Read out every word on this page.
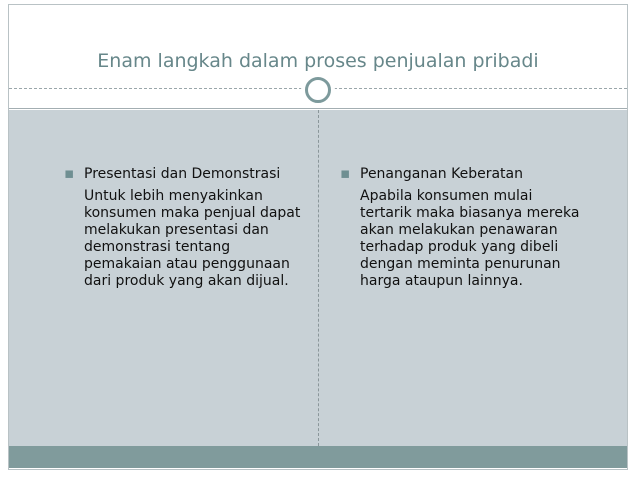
Enam langkah dalam proses penjualan pribadi
▪ Presentasi dan Demonstrasi
Untuk lebih menyakinkan
konsumen maka penjual dapat
melakukan presentasi dan
demonstrasi tentang
pemakaian atau penggunaan
dari produk yang akan dijual.
▪ Penanganan Keberatan
Apabila konsumen mulai
tertarik maka biasanya mereka
akan melakukan penawaran
terhadap produk yang dibeli
dengan meminta penurunan
harga ataupun lainnya.
